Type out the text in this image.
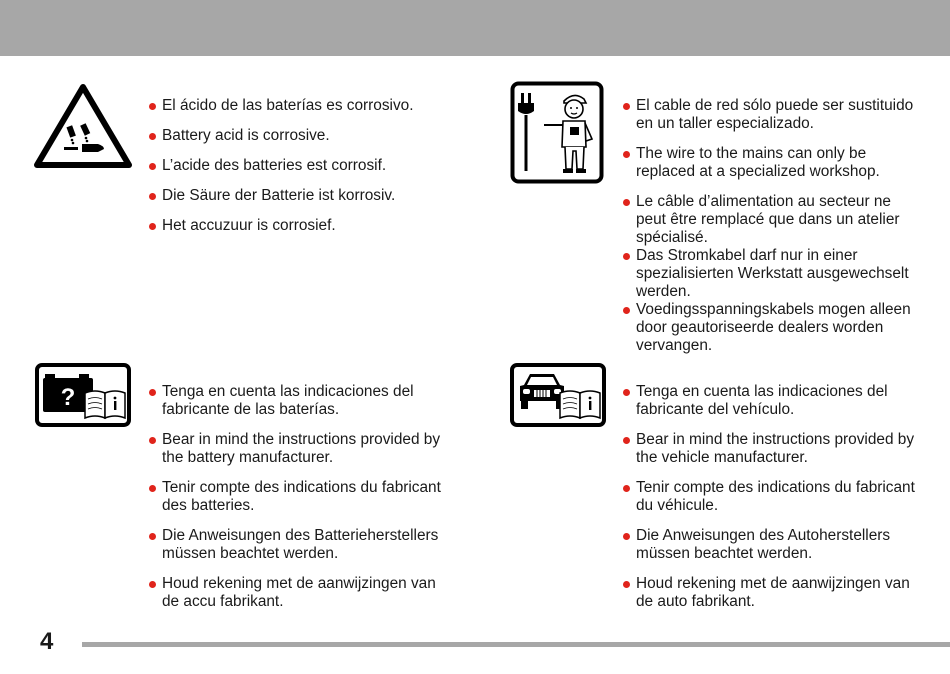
El ácido de las baterías es corrosivo.
Battery acid is corrosive.
L’acide des batteries est corrosif.
Die Säure der Batterie ist korrosiv.
Het accuzuur is corrosief.
El cable de red sólo puede ser sustituido
en un taller especializado.
The wire to the mains can only be
replaced at a specialized workshop.
Le câble d’alimentation au secteur ne
peut être remplacé que dans un atelier
spécialisé.
Das Stromkabel darf nur in einer
spezialisierten Werkstatt ausgewechselt
werden.
Voedingsspanningskabels mogen alleen
door geautoriseerde dealers worden
vervangen.
?	Tenga en cuenta las indicaciones del
fabricante de las baterías.
Bear in mind the instructions provided by
the battery manufacturer.
Tenir compte des indications du fabricant
des batteries.
Die Anweisungen des Batterieherstellers
müssen beachtet werden.
Houd rekening met de aanwijzingen van
de accu fabrikant.
Tenga en cuenta las indicaciones del
fabricante del vehículo.
Bear in mind the instructions provided by
the vehicle manufacturer.
Tenir compte des indications du fabricant
du véhicule.
Die Anweisungen des Autoherstellers
müssen beachtet werden.
Houd rekening met de aanwijzingen van
de auto fabrikant.
4
